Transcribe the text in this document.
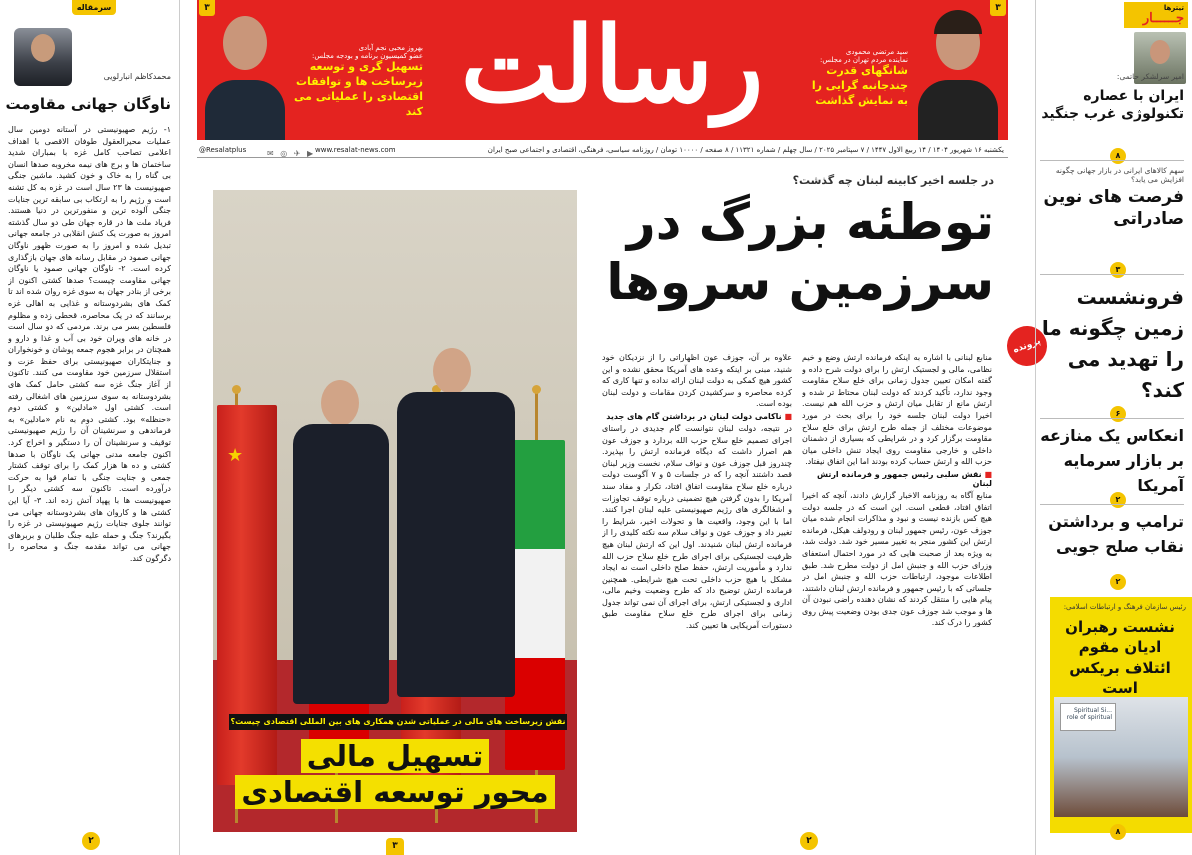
سرمقاله
محمدکاظم انبارلویی
ناوگان جهانی مقاومت
۱- رژیم صهیونیستی در آستانه دومین سال عملیات محیرالعقول طوفان الاقصی با اهداف اعلامی تصاحب کامل غزه با بمباران شدید ساختمان ها و برج های نیمه مخروبه صدها انسان بی گناه را به خاک و خون کشید. ماشین جنگی صهیونیست ها ۲۳ سال است در غزه به کل تشنه است و رژیم را به ارتکاب بی سابقه ترین جنایات جنگی آلوده ترین و منفورترین در دنیا هستند. فریاد ملت ها در قاره جهان طی دو سال گذشته امروز به صورت یک کنش انقلابی در جامعه جهانی تبدیل شده و امروز را به صورت ظهور ناوگان جهانی صمود در مقابل رسانه های جهان بازگذاری کرده است. ۲- ناوگان جهانی صمود یا ناوگان جهانی مقاومت چیست؟ صدها کشتی اکنون از برخی از بنادر جهان به سوی غزه روان شده اند تا کمک های بشردوستانه و غذایی به اهالی غزه برسانند که در یک محاصره، قحطی زده و مظلوم فلسطین بسر می برند. مردمی که دو سال است در خانه های ویران خود بی آب و غذا و دارو و همچنان در برابر هجوم جمعه پوشان و خونخواران و جنایتکاران صهیونیستی برای حفظ عزت و استقلال سرزمین خود مقاومت می کنند. تاکنون از آغاز جنگ غزه سه کشتی حامل کمک های بشردوستانه به سوی سرزمین های اشغالی رفته است. کشتی اول «مادلین» و کشتی دوم «حنظله» بود. کشتی دوم به نام «مادلین» به فرماندهی و سرنشینان آن را رژیم صهیونیستی توقیف و سرنشینان آن را دستگیر و اخراج کرد. اکنون جامعه مدنی جهانی یک ناوگان با صدها کشتی و ده ها هزار کمک را برای توقف کشتار جمعی و جنایت جنگی با تمام قوا به حرکت درآورده است. تاکنون سه کشتی دیگر را صهیونیست ها با پهپاد آتش زده اند. ۳- آیا این کشتی ها و کاروان های بشردوستانه جهانی می توانند جلوی جنایات رژیم صهیونیستی در غزه را بگیرند؟ جنگ و حمله علیه جنگ طلبان و بربرهای جهانی می تواند مقدمه جنگ و محاصره را دگرگون کند.
۲
۳
بهروز محبی نجم آبادی
عضو کمیسیون برنامه و بودجه مجلس:
تسهیل گری و توسعه زیرساخت ها و توافقات اقتصادی را عملیاتی می کند رسالت	سید مرتضی محمودی
نماینده مردم تهران در مجلس:
شانگهای قدرت چندجانبه گرایی را به نمایش گذاشت
۳
یکشنبه ۱۶ شهریور ۱۴۰۴ / ۱۴ ربیع الاول ۱۴۴۷ / ۷ سپتامبر ۲۰۲۵ / سال چهلم / شماره ۱۱۳۲۱ / ۸ صفحه / ۱۰۰۰۰ تومان / روزنامه سیاسی، فرهنگی، اقتصادی و اجتماعی صبح ایران
www.resalat-news.com
▶ ✈ ◎ ✉
Resalatplus@
★
★
نقش زیرساخت های مالی در عملیاتی شدن همکاری های بین المللی اقتصادی چیست؟
تسهیل مالی
محور توسعه اقتصادی
۳
در جلسه اخیر کابینه لبنان چه گذشت؟
توطئه بزرگ در سرزمین سروها

منابع لبنانی با اشاره به اینکه فرمانده ارتش وضع و خیم نظامی، مالی و لجستیک ارتش را برای دولت شرح داده و گفته امکان تعیین جدول زمانی برای خلع سلاح مقاومت وجود ندارد، تأکید کردند که دولت لبنان محتاط تر شده و ارتش مانع از تقابل میان ارتش و حزب الله هم نیست. اخیرا دولت لبنان جلسه خود را برای بحث در مورد موضوعات مختلف از جمله طرح ارتش برای خلع سلاح مقاومت برگزار کرد و در شرایطی که بسیاری از دشمنان داخلی و خارجی مقاومت روی ایجاد تنش داخلی میان حزب الله و ارتش حساب کرده بودند اما این اتفاق نیفتاد.

■ نقش سلبی رئیس جمهور و فرمانده ارتش لبنان

منابع آگاه به روزنامه الاخبار گزارش دادند، آنچه که اخیرا اتفاق افتاد، قطعی است. این است که در جلسه دولت هیچ کس بازنده نیست و نبود و مذاکرات انجام شده میان جوزف عون، رئیس جمهور لبنان و رودولف هیکل، فرمانده ارتش این کشور منجر به تغییر مسیر خود شد. دولت شد، به ویژه بعد از صحبت هایی که در مورد احتمال استعفای وزرای حزب الله و جنبش امل از دولت مطرح شد. طبق اطلاعات موجود، ارتباطات حزب الله و جنبش امل در جلساتی که با رئیس جمهور و فرمانده ارتش لبنان داشتند، پیام هایی را منتقل کردند که نشان دهنده راضی نبودن آن ها و موجب شد جوزف عون جدی بودن وضعیت پیش روی کشور را درک کند.

علاوه بر آن، جوزف عون اظهاراتی را از نزدیکان خود شنید، مبنی بر اینکه وعده های آمریکا محقق نشده و این کشور هیچ کمکی به دولت لبنان ارائه نداده و تنها کاری که کرده محاصره و سرکشیدن کردن مقامات و دولت لبنان بوده است.

■ ناکامی دولت لبنان در برداشتن گام های جدید

در نتیجه، دولت لبنان نتوانست گام جدیدی در راستای اجرای تصمیم خلع سلاح حزب الله بردارد و جوزف عون هم اصرار داشت که دیگاه فرمانده ارتش را بپذیرد. چندروز قبل جوزف عون و نواف سلام، نخست وزیر لبنان قصد داشتند آنچه را که در جلسات ۵ و ۷ آگوست دولت درباره خلع سلاح مقاومت اتفاق افتاد، تکرار و مفاد سند آمریکا را بدون گرفتن هیچ تضمینی درباره توقف تجاوزات و اشغالگری های رژیم صهیونیستی علیه لبنان اجرا کنند. اما با این وجود، واقعیت ها و تحولات اخیر، شرایط را تغییر داد و جوزف عون و نواف سلام سه نکته کلیدی را از فرمانده ارتش لبنان شنیدند. اول این که ارتش لبنان هیچ ظرفیت لجستیکی برای اجرای طرح خلع سلاح حزب الله ندارد و مأموریت ارتش، حفظ صلح داخلی است نه ایجاد مشکل با هیچ حزب داخلی تحت هیچ شرایطی. همچنین فرمانده ارتش توضیح داد که طرح وضعیت وخیم مالی، اداری و لجستیکی ارتش، برای اجرای آن نمی تواند جدول زمانی برای اجرای طرح خلع سلاح مقاومت طبق دستورات آمریکایی ها تعیین کند.

۲
پرونده
تیترها
جــــــار
امیر سرلشکر حاتمی:
ایران با عصاره تکنولوژی غرب جنگید
۸
سهم کالاهای ایرانی در بازار جهانی چگونه افزایش می یابد؟
فرصت های نوین صادراتی
۳
فرونشست زمین چگونه ما را تهدید می کند؟
۶
انعکاس یک منازعه بر بازار سرمایه آمریکا
۲
ترامپ و برداشتن نقاب صلح جویی
۲
رئیس سازمان فرهنگ و ارتباطات اسلامی:
نشست رهبران ادیان مقوم ائتلاف بریکس است
Spiritual Si... role of spiritual
۸
